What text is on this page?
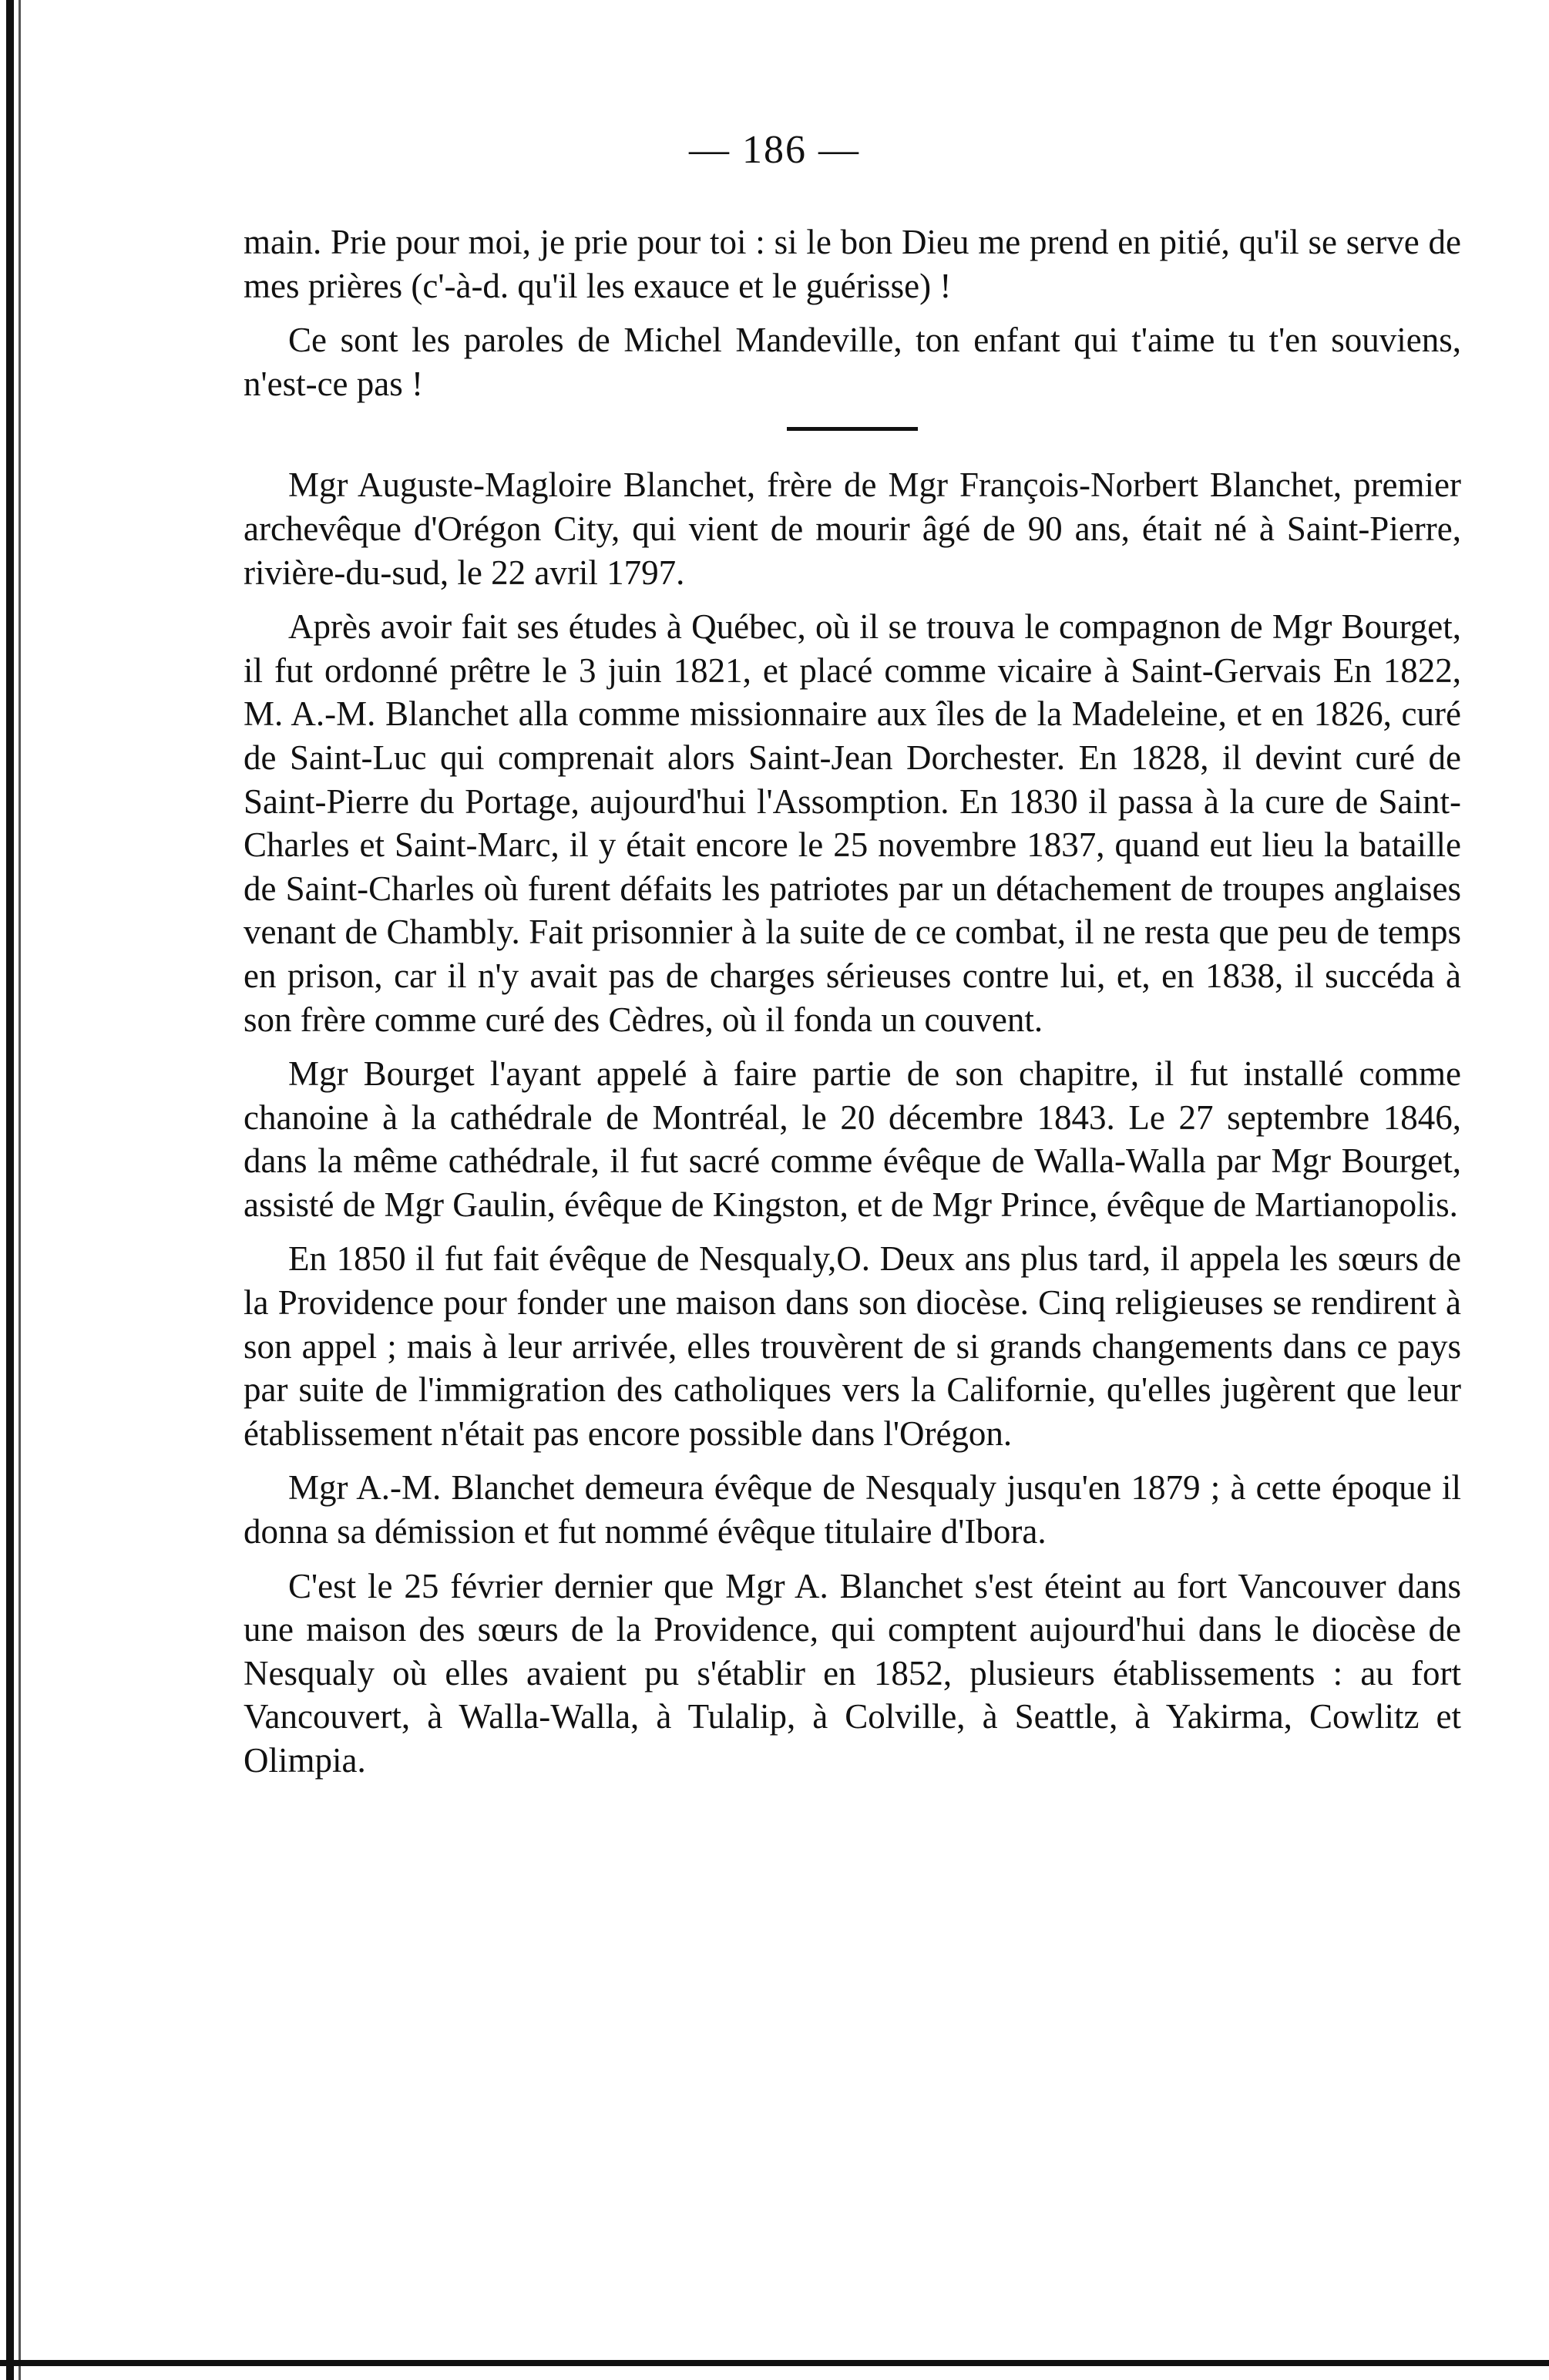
— 186 —

main. Prie pour moi, je prie pour toi : si le bon Dieu me prend en pitié, qu'il se serve de mes prières (c'-à-d. qu'il les exauce et le guérisse) !

Ce sont les paroles de Michel Mandeville, ton enfant qui t'aime tu t'en souviens, n'est-ce pas !

Mgr Auguste-Magloire Blanchet, frère de Mgr François-Norbert Blanchet, premier archevêque d'Orégon City, qui vient de mourir âgé de 90 ans, était né à Saint-Pierre, rivière-du-sud, le 22 avril 1797.

Après avoir fait ses études à Québec, où il se trouva le compagnon de Mgr Bourget, il fut ordonné prêtre le 3 juin 1821, et placé comme vicaire à Saint-Gervais En 1822, M. A.-M. Blanchet alla comme missionnaire aux îles de la Madeleine, et en 1826, curé de Saint-Luc qui comprenait alors Saint-Jean Dorchester. En 1828, il devint curé de Saint-Pierre du Portage, aujourd'hui l'Assomption. En 1830 il passa à la cure de Saint-Charles et Saint-Marc, il y était encore le 25 novembre 1837, quand eut lieu la bataille de Saint-Charles où furent défaits les patriotes par un détachement de troupes anglaises venant de Chambly. Fait prisonnier à la suite de ce combat, il ne resta que peu de temps en prison, car il n'y avait pas de charges sérieuses contre lui, et, en 1838, il succéda à son frère comme curé des Cèdres, où il fonda un couvent.

Mgr Bourget l'ayant appelé à faire partie de son chapitre, il fut installé comme chanoine à la cathédrale de Montréal, le 20 décembre 1843. Le 27 septembre 1846, dans la même cathédrale, il fut sacré comme évêque de Walla-Walla par Mgr Bourget, assisté de Mgr Gaulin, évêque de Kingston, et de Mgr Prince, évêque de Martianopolis.

En 1850 il fut fait évêque de Nesqualy,O. Deux ans plus tard, il appela les sœurs de la Providence pour fonder une maison dans son diocèse. Cinq religieuses se rendirent à son appel ; mais à leur arrivée, elles trouvèrent de si grands changements dans ce pays par suite de l'immigration des catholiques vers la Californie, qu'elles jugèrent que leur établissement n'était pas encore possible dans l'Orégon.

Mgr A.-M. Blanchet demeura évêque de Nesqualy jusqu'en 1879 ; à cette époque il donna sa démission et fut nommé évêque titulaire d'Ibora.

C'est le 25 février dernier que Mgr A. Blanchet s'est éteint au fort Vancouver dans une maison des sœurs de la Providence, qui comptent aujourd'hui dans le diocèse de Nesqualy où elles avaient pu s'établir en 1852, plusieurs établissements : au fort Vancouvert, à Walla-Walla, à Tulalip, à Colville, à Seattle, à Yakirma, Cowlitz et Olimpia.
